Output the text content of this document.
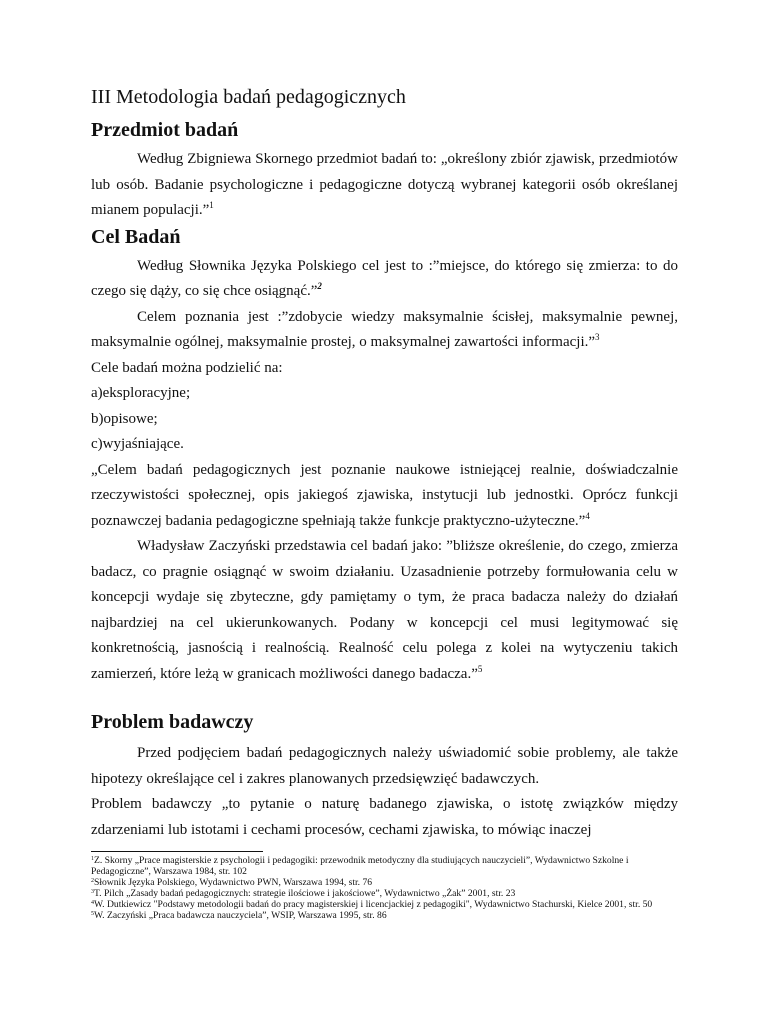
III Metodologia badań pedagogicznych
Przedmiot badań

Według Zbigniewa Skornego przedmiot badań to: „określony zbiór zjawisk, przedmiotów lub osób. Badanie psychologiczne i pedagogiczne dotyczą wybranej kategorii osób określanej mianem populacji.”$^1$

Cel Badań

Według Słownika Języka Polskiego cel jest to :”miejsce, do którego się zmierza: to do czego się dąży, co się chce osiągnąć.”$^2$

Celem poznania jest :”zdobycie wiedzy maksymalnie ścisłej, maksymalnie pewnej, maksymalnie ogólnej, maksymalnie prostej, o maksymalnej zawartości informacji.”$^3$

Cele badań można podzielić na:

a)eksploracyjne;

b)opisowe;

c)wyjaśniające.

„Celem badań pedagogicznych jest poznanie naukowe istniejącej realnie, doświadczalnie rzeczywistości społecznej, opis jakiegoś zjawiska, instytucji lub jednostki. Oprócz funkcji poznawczej badania pedagogiczne spełniają także funkcje praktyczno-użyteczne.”$^4$

Władysław Zaczyński przedstawia cel badań jako: ”bliższe określenie, do czego, zmierza badacz, co pragnie osiągnąć w swoim działaniu. Uzasadnienie potrzeby formułowania celu w koncepcji wydaje się zbyteczne, gdy pamiętamy o tym, że praca badacza należy do działań najbardziej na cel ukierunkowanych. Podany w koncepcji cel musi legitymować się konkretnością, jasnością i realnością. Realność celu polega z kolei na wytyczeniu takich zamierzeń, które leżą w granicach możliwości danego badacza.”$^5$

Problem badawczy

Przed podjęciem badań pedagogicznych należy uświadomić sobie problemy, ale także hipotezy określające cel i zakres planowanych przedsięwzięć badawczych.

Problem badawczy „to pytanie o naturę badanego zjawiska, o istotę związków między zdarzeniami lub istotami i cechami procesów, cechami zjawiska, to mówiąc inaczej

$^1$Z. Skorny „Prace magisterskie z psychologii i pedagogiki: przewodnik metodyczny dla studiujących nauczycieli”, Wydawnictwo Szkolne i Pedagogiczne”, Warszawa 1984, str. 102

$^2$Słownik Języka Polskiego, Wydawnictwo PWN, Warszawa 1994, str. 76

$^3$T. Pilch „Zasady badań pedagogicznych: strategie ilościowe i jakościowe”, Wydawnictwo „Żak” 2001, str. 23

$^4$W. Dutkiewicz "Podstawy metodologii badań do pracy magisterskiej i licencjackiej z pedagogiki", Wydawnictwo Stachurski, Kielce 2001, str. 50

$^5$W. Zaczyński „Praca badawcza nauczyciela”, WSIP, Warszawa 1995, str. 86
